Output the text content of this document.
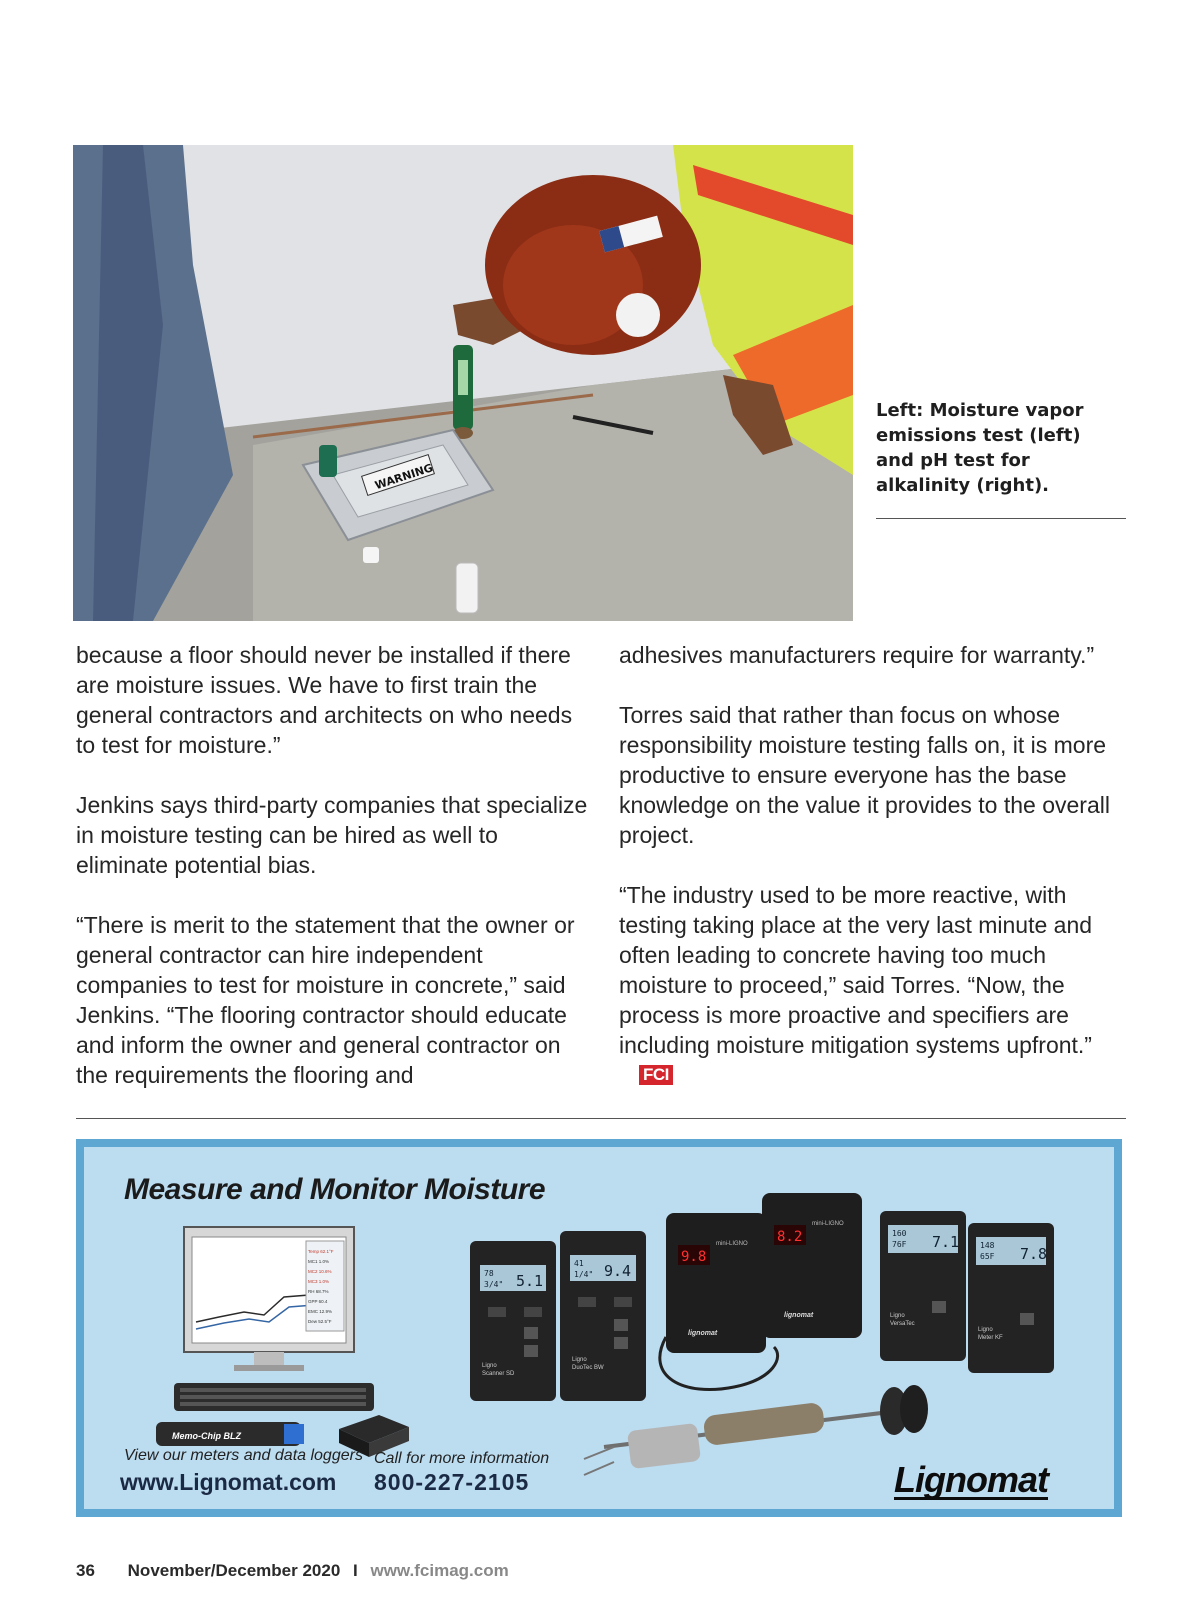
WARNING
Left: Moisture vapor emissions test (left) and pH test for alkalinity (right).

because a floor should never be installed if there are moisture issues. We have to first train the general contractors and architects on who needs to test for moisture.”

Jenkins says third-party companies that specialize in moisture testing can be hired as well to eliminate potential bias.

“There is merit to the statement that the owner or general contractor can hire independent companies to test for moisture in concrete,” said Jenkins. “The flooring contractor should educate and inform the owner and general contractor on the requirements the flooring and

adhesives manufacturers require for warranty.”

Torres said that rather than focus on whose responsibility moisture testing falls on, it is more productive to ensure everyone has the base knowledge on the value it provides to the overall project.

“The industry used to be more reactive, with testing taking place at the very last minute and often leading to concrete having too much moisture to proceed,” said Torres. “Now, the process is more proactive and specifiers are including moisture mitigation systems upfront.”FCI

Measure and Monitor Moisture
Temp 62.1°F
MC1 1.0%
MC2 10.6%
MC3 1.0%
RH 68.7%
GPP 60.4
EMC 12.9%
Dew 52.5°F
Memo-Chip BLZ
78
3/4" 5.1
Ligno
Scanner SD
41
1/4" 9.4
Ligno
DuoTec BW
9.8
mini-LIGNO
lignomat
8.2
mini-LIGNO
lignomat
160
76F 7.1
Ligno
VersaTec
148
65F 7.8
Ligno
Meter KF
View our meters and data loggers
www.Lignomat.com
Call for more information
800-227-2105	Lignomat
36 November/December 2020 I www.fcimag.com
